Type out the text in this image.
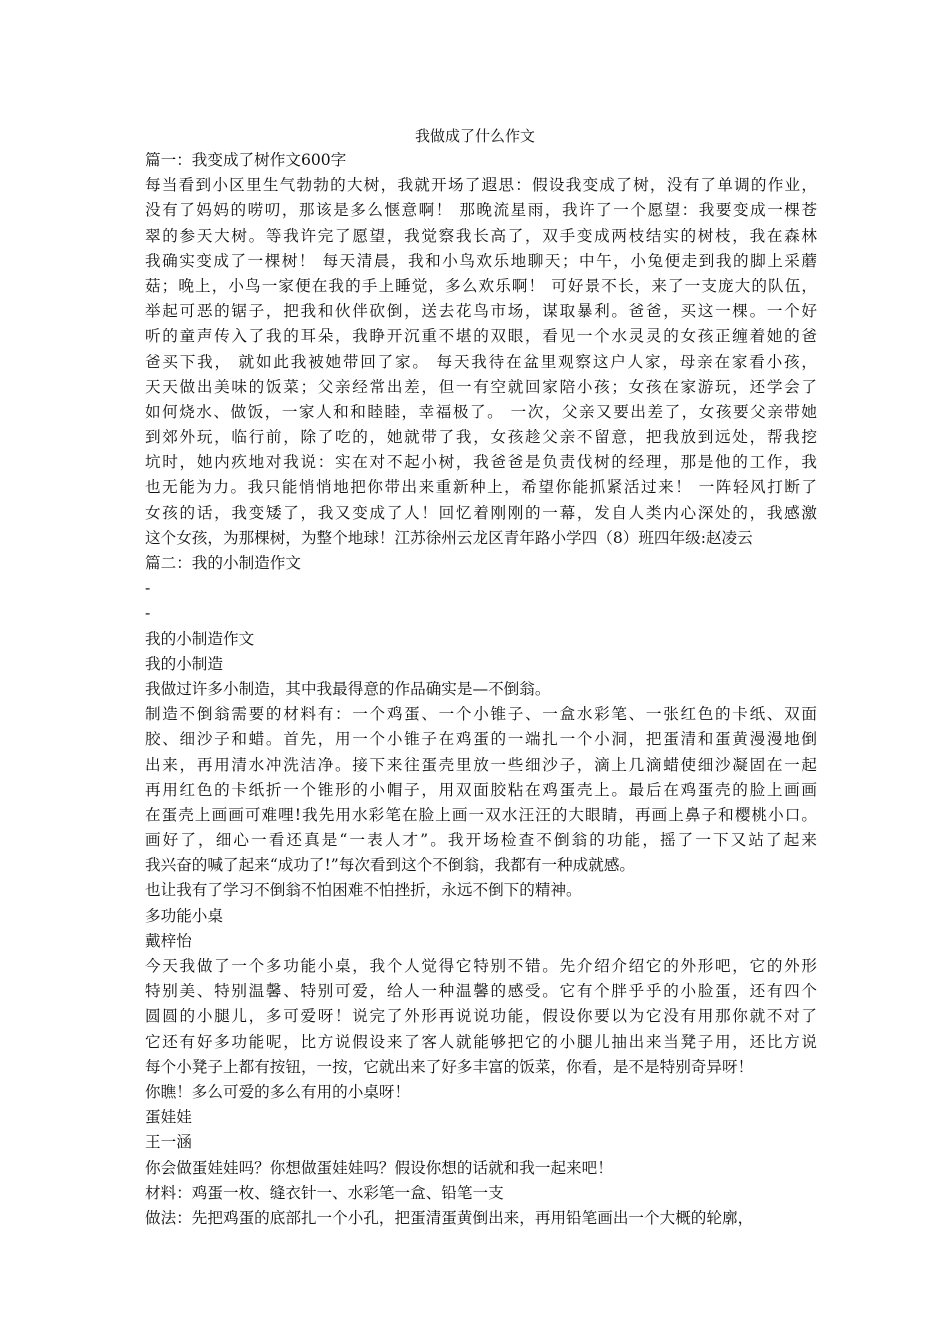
我做成了什么作文
篇一：我变成了树作文600字
每当看到小区里生气勃勃的大树，我就开场了遐思：假设我变成了树，没有了单调的作业，
没有了妈妈的唠叨，那该是多么惬意啊！ 那晚流星雨，我许了一个愿望：我要变成一棵苍
翠的参天大树。等我许完了愿望，我觉察我长高了，双手变成两枝结实的树枝，我在森林
我确实变成了一棵树！ 每天清晨，我和小鸟欢乐地聊天；中午，小兔便走到我的脚上采蘑
菇；晚上，小鸟一家便在我的手上睡觉，多么欢乐啊！ 可好景不长，来了一支庞大的队伍，
举起可恶的锯子，把我和伙伴砍倒，送去花鸟市场，谋取暴利。爸爸，买这一棵。一个好
听的童声传入了我的耳朵，我睁开沉重不堪的双眼，看见一个水灵灵的女孩正缠着她的爸
爸买下我， 就如此我被她带回了家。 每天我待在盆里观察这户人家，母亲在家看小孩，
天天做出美味的饭菜；父亲经常出差，但一有空就回家陪小孩；女孩在家游玩，还学会了
如何烧水、做饭，一家人和和睦睦，幸福极了。 一次，父亲又要出差了，女孩要父亲带她
到郊外玩，临行前，除了吃的，她就带了我，女孩趁父亲不留意，把我放到远处，帮我挖
坑时，她内疚地对我说：实在对不起小树，我爸爸是负责伐树的经理，那是他的工作，我
也无能为力。我只能悄悄地把你带出来重新种上，希望你能抓紧活过来！ 一阵轻风打断了
女孩的话，我变矮了，我又变成了人！回忆着刚刚的一幕，发自人类内心深处的，我感激
这个女孩，为那棵树，为整个地球！江苏徐州云龙区青年路小学四（8）班四年级:赵凌云
篇二：我的小制造作文
-
-
我的小制造作文
我的小制造
我做过许多小制造，其中我最得意的作品确实是—不倒翁。
制造不倒翁需要的材料有：一个鸡蛋、一个小锥子、一盒水彩笔、一张红色的卡纸、双面
胶、细沙子和蜡。首先，用一个小锥子在鸡蛋的一端扎一个小洞，把蛋清和蛋黄漫漫地倒
出来，再用清水冲洗洁净。接下来往蛋壳里放一些细沙子，滴上几滴蜡使细沙凝固在一起
再用红色的卡纸折一个锥形的小帽子，用双面胶粘在鸡蛋壳上。最后在鸡蛋壳的脸上画画
在蛋壳上画画可难哩!我先用水彩笔在脸上画一双水汪汪的大眼睛，再画上鼻子和樱桃小口。
画好了，细心一看还真是“一表人才”。我开场检查不倒翁的功能，摇了一下又站了起来
我兴奋的喊了起来“成功了!”每次看到这个不倒翁，我都有一种成就感。
也让我有了学习不倒翁不怕困难不怕挫折，永远不倒下的精神。
多功能小桌
戴梓怡
今天我做了一个多功能小桌，我个人觉得它特别不错。先介绍介绍它的外形吧，它的外形
特别美、特别温馨、特别可爱，给人一种温馨的感受。它有个胖乎乎的小脸蛋，还有四个
圆圆的小腿儿，多可爱呀！说完了外形再说说功能，假设你要以为它没有用那你就不对了
它还有好多功能呢，比方说假设来了客人就能够把它的小腿儿抽出来当凳子用，还比方说
每个小凳子上都有按钮，一按，它就出来了好多丰富的饭菜，你看，是不是特别奇异呀！
你瞧！多么可爱的多么有用的小桌呀！
蛋娃娃
王一涵
你会做蛋娃娃吗？你想做蛋娃娃吗？假设你想的话就和我一起来吧！
材料：鸡蛋一枚、缝衣针一、水彩笔一盒、铅笔一支
做法：先把鸡蛋的底部扎一个小孔，把蛋清蛋黄倒出来，再用铅笔画出一个大概的轮廓，
